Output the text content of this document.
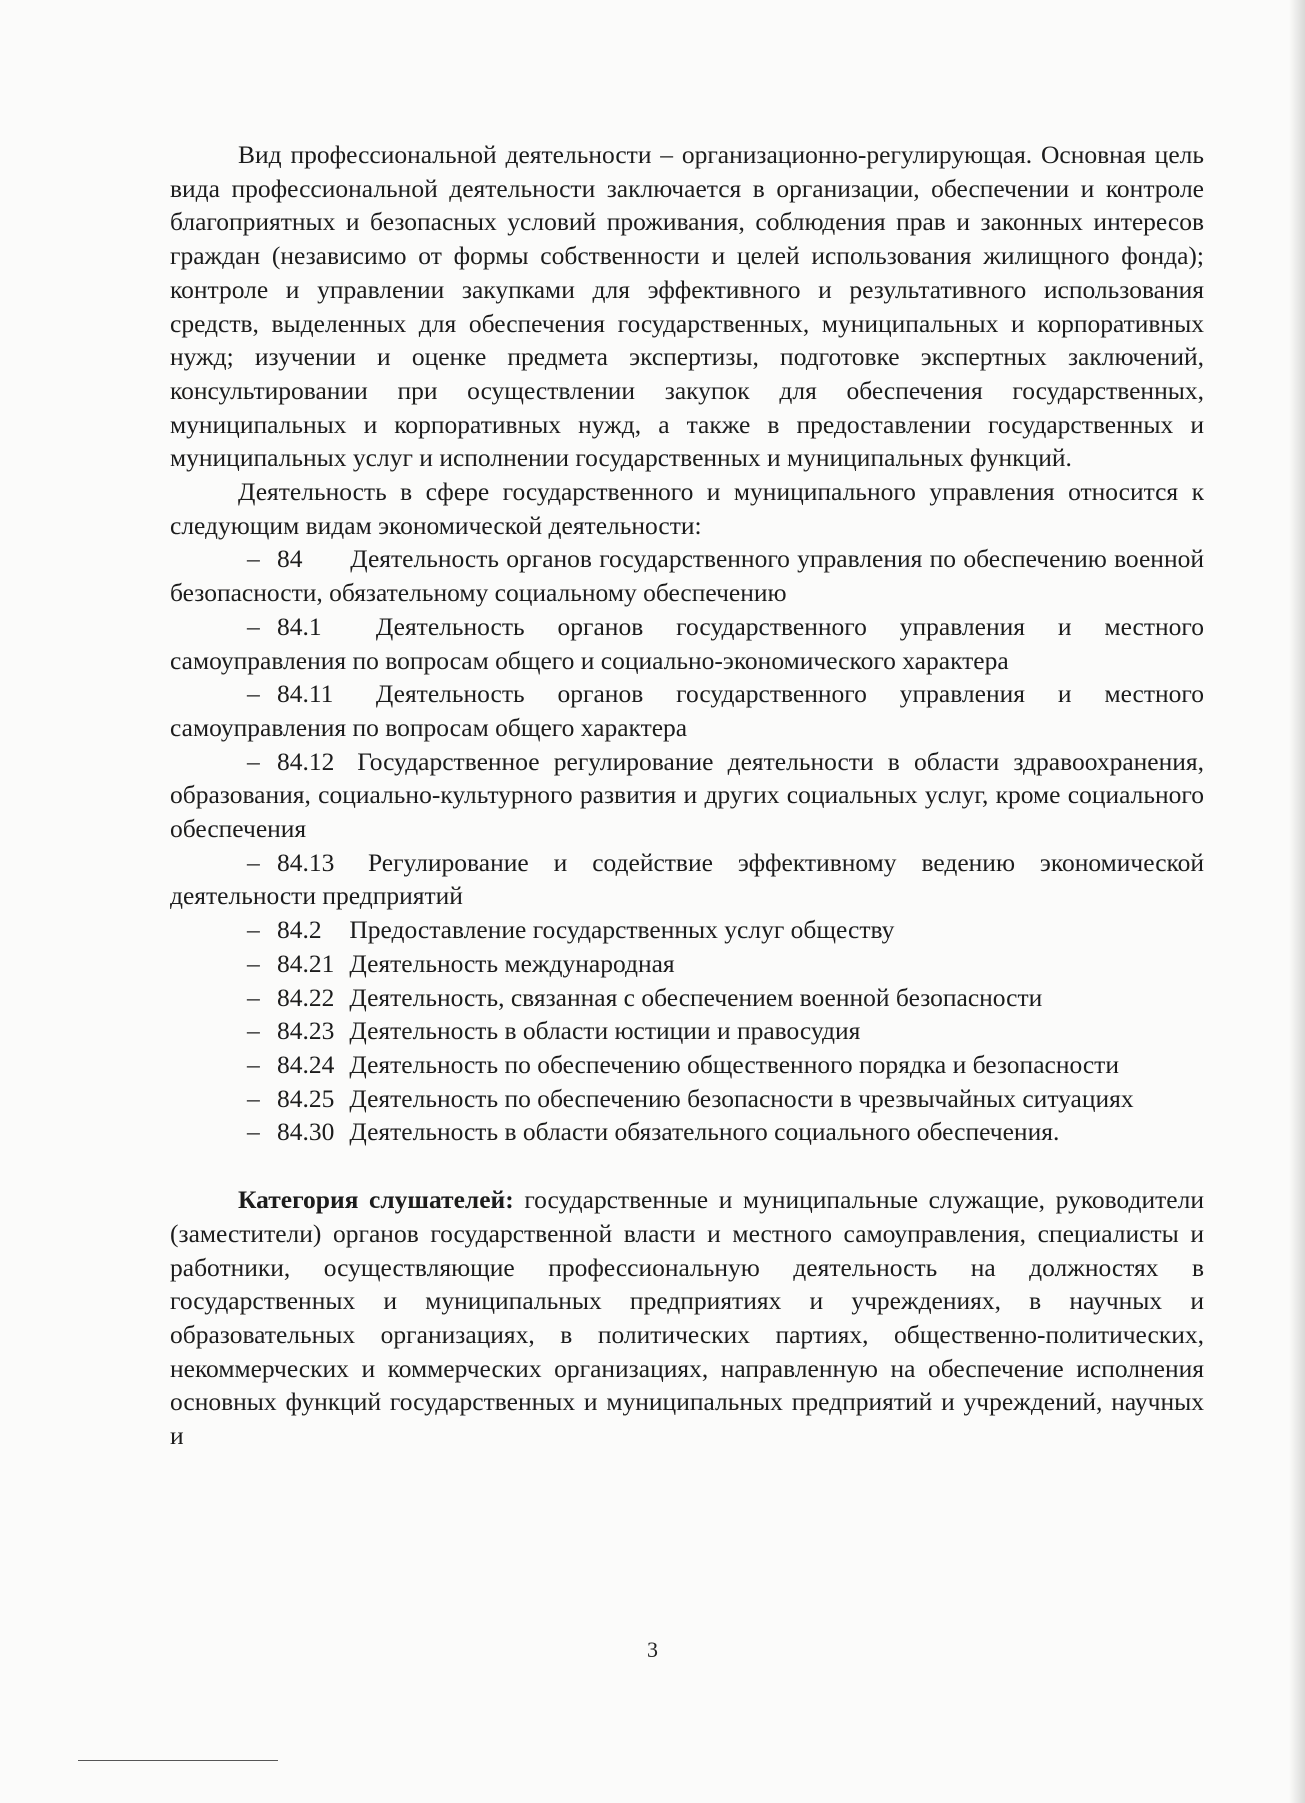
Вид профессиональной деятельности – организационно-регулирующая. Основная цель вида профессиональной деятельности заключается в организации, обеспечении и контроле благоприятных и безопасных условий проживания, соблюдения прав и законных интересов граждан (независимо от формы собственности и целей использования жилищного фонда); контроле и управлении закупками для эффективного и результативного использования средств, выделенных для обеспечения государственных, муниципальных и корпоративных нужд; изучении и оценке предмета экспертизы, подготовке экспертных заключений, консультировании при осуществлении закупок для обеспечения государственных, муниципальных и корпоративных нужд, а также в предоставлении государственных и муниципальных услуг и исполнении государственных и муниципальных функций.

Деятельность в сфере государственного и муниципального управления относится к следующим видам экономической деятельности:

– 84 Деятельность органов государственного управления по обеспечению военной безопасности, обязательному социальному обеспечению

– 84.1 Деятельность органов государственного управления и местного самоуправления по вопросам общего и социально-экономического характера

– 84.11 Деятельность органов государственного управления и местного самоуправления по вопросам общего характера

– 84.12 Государственное регулирование деятельности в области здравоохранения, образования, социально-культурного развития и других социальных услуг, кроме социального обеспечения

– 84.13 Регулирование и содействие эффективному ведению экономической деятельности предприятий

– 84.2 Предоставление государственных услуг обществу

– 84.21 Деятельность международная

– 84.22 Деятельность, связанная с обеспечением военной безопасности

– 84.23 Деятельность в области юстиции и правосудия

– 84.24 Деятельность по обеспечению общественного порядка и безопасности

– 84.25 Деятельность по обеспечению безопасности в чрезвычайных ситуациях

– 84.30 Деятельность в области обязательного социального обеспечения.

Категория слушателей: государственные и муниципальные служащие, руководители (заместители) органов государственной власти и местного самоуправления, специалисты и работники, осуществляющие профессиональную деятельность на должностях в государственных и муниципальных предприятиях и учреждениях, в научных и образовательных организациях, в политических партиях, общественно-политических, некоммерческих и коммерческих организациях, направленную на обеспечение исполнения основных функций государственных и муниципальных предприятий и учреждений, научных и

3
